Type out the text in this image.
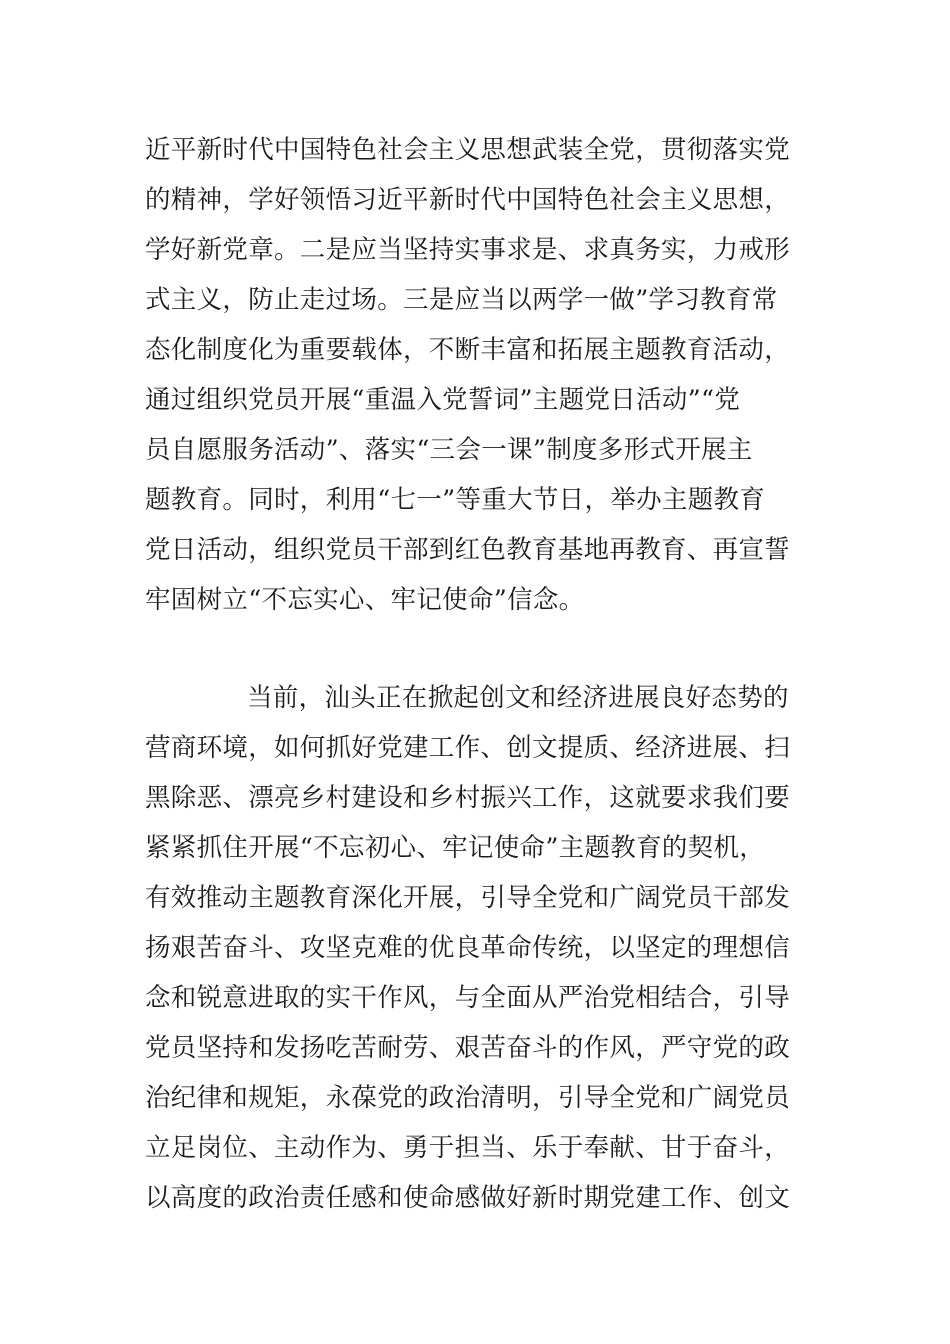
近平新时代中国特色社会主义思想武装全党，贯彻落实党
的精神，学好领悟习近平新时代中国特色社会主义思想，
学好新党章。二是应当坚持实事求是、求真务实，力戒形
式主义，防止走过场。三是应当以两学一做”学习教育常
态化制度化为重要载体，不断丰富和拓展主题教育活动，
通过组织党员开展“重温入党誓词”主题党日活动”“党
员自愿服务活动”、落实“三会一课”制度多形式开展主
题教育。同时，利用“七一”等重大节日，举办主题教育
党日活动，组织党员干部到红色教育基地再教育、再宣誓
牢固树立“不忘实心、牢记使命”信念。
当前，汕头正在掀起创文和经济进展良好态势的
营商环境，如何抓好党建工作、创文提质、经济进展、扫
黑除恶、漂亮乡村建设和乡村振兴工作，这就要求我们要
紧紧抓住开展“不忘初心、牢记使命”主题教育的契机，
有效推动主题教育深化开展，引导全党和广阔党员干部发
扬艰苦奋斗、攻坚克难的优良革命传统，以坚定的理想信
念和锐意进取的实干作风，与全面从严治党相结合，引导
党员坚持和发扬吃苦耐劳、艰苦奋斗的作风，严守党的政
治纪律和规矩，永葆党的政治清明，引导全党和广阔党员
立足岗位、主动作为、勇于担当、乐于奉献、甘于奋斗，
以高度的政治责任感和使命感做好新时期党建工作、创文
